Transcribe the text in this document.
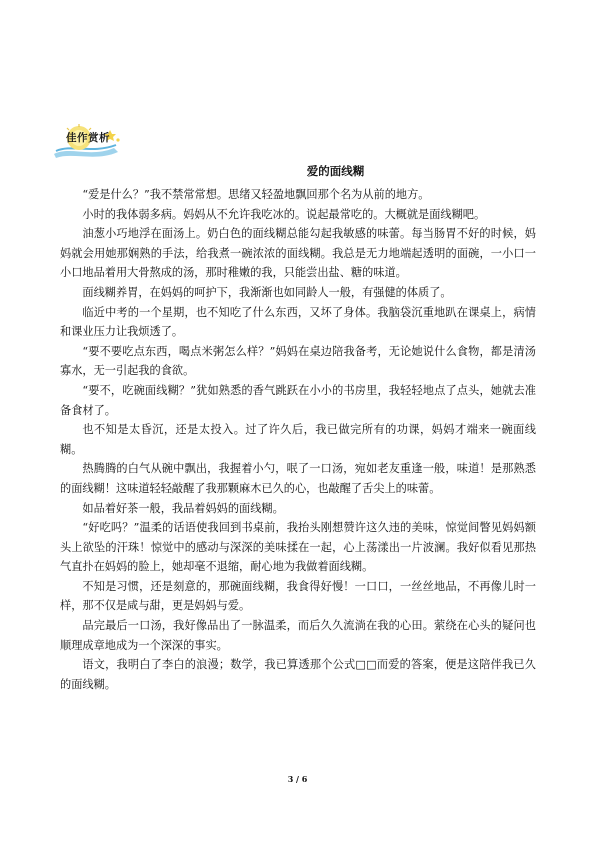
佳作赏析
爱的面线糊

“爱是什么？”我不禁常常想。思绪又轻盈地飘回那个名为从前的地方。

小时的我体弱多病。妈妈从不允许我吃冰的。说起最常吃的。大概就是面线糊吧。

油葱小巧地浮在面汤上。奶白色的面线糊总能勾起我敏感的味蕾。每当肠胃不好的时候，妈妈就会用她那娴熟的手法，给我煮一碗浓浓的面线糊。我总是无力地端起透明的面碗，一小口一小口地品着用大骨熬成的汤，那时稚嫩的我，只能尝出盐、糖的味道。

面线糊养胃，在妈妈的呵护下，我渐渐也如同龄人一般，有强健的体质了。

临近中考的一个星期，也不知吃了什么东西，又坏了身体。我脑袋沉重地趴在课桌上，病情和课业压力让我烦透了。

“要不要吃点东西，喝点米粥怎么样？”妈妈在桌边陪我备考，无论她说什么食物，都是清汤寡水，无一引起我的食欲。

“要不，吃碗面线糊？”犹如熟悉的香气跳跃在小小的书房里，我轻轻地点了点头，她就去准备食材了。

也不知是太昏沉，还是太投入。过了许久后，我已做完所有的功课，妈妈才端来一碗面线糊。

热腾腾的白气从碗中飘出，我握着小勺，呡了一口汤，宛如老友重逢一般，味道！是那熟悉的面线糊！这味道轻轻敲醒了我那颗麻木已久的心，也敲醒了舌尖上的味蕾。

如品着好茶一般，我品着妈妈的面线糊。

“好吃吗？”温柔的话语使我回到书桌前，我抬头刚想赞许这久违的美味，惊觉间瞥见妈妈额头上欲坠的汗珠！惊觉中的感动与深深的美味揉在一起，心上荡漾出一片波澜。我好似看见那热气直扑在妈妈的脸上，她却毫不退缩，耐心地为我做着面线糊。

不知是习惯，还是刻意的，那碗面线糊，我食得好慢！一口口，一丝丝地品，不再像儿时一样，那不仅是咸与甜，更是妈妈与爱。

品完最后一口汤，我好像品出了一脉温柔，而后久久流淌在我的心田。萦绕在心头的疑问也顺理成章地成为一个深深的事实。

语文，我明白了李白的浪漫；数学，我已算透那个公式□□而爱的答案，便是这陪伴我已久的面线糊。

3 / 6
